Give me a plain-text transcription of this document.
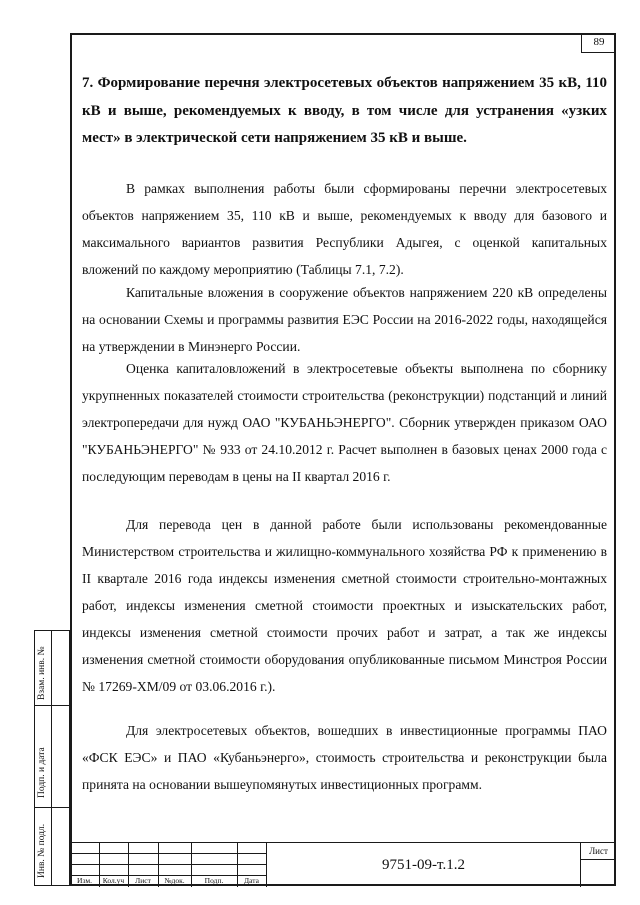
89
7. Формирование перечня электросетевых объектов напряжением 35 кВ, 110 кВ и выше, рекомендуемых к вводу, в том числе для устранения «узких мест» в электрической сети напряжением 35 кВ и выше.
В рамках выполнения работы были сформированы перечни электросетевых объектов напряжением 35, 110 кВ и выше, рекомендуемых к вводу для базового и максимального вариантов развития Республики Адыгея, с оценкой капитальных вложений по каждому мероприятию (Таблицы 7.1, 7.2).
Капитальные вложения в сооружение объектов напряжением 220 кВ определены на основании Схемы и программы развития ЕЭС России на 2016-2022 годы, находящейся на утверждении в Минэнерго России.
Оценка капиталовложений в электросетевые объекты выполнена по сборнику укрупненных показателей стоимости строительства (реконструкции) подстанций и линий электропередачи для нужд ОАО "КУБАНЬЭНЕРГО". Сборник утвержден приказом ОАО "КУБАНЬЭНЕРГО" № 933 от 24.10.2012 г. Расчет выполнен в базовых ценах 2000 года с последующим переводам в цены на II квартал 2016 г.
Для перевода цен в данной работе были использованы рекомендованные Министерством строительства и жилищно-коммунального хозяйства РФ к применению в II квартале 2016 года индексы изменения сметной стоимости строительно-монтажных работ, индексы изменения сметной стоимости проектных и изыскательских работ, индексы изменения сметной стоимости прочих работ и затрат, а так же индексы изменения сметной стоимости оборудования опубликованные письмом Минстроя России № 17269-ХМ/09 от 03.06.2016 г.).
Для электросетевых объектов, вошедших в инвестиционные программы ПАО «ФСК ЕЭС» и ПАО «Кубаньэнерго», стоимость строительства и реконструкции была принята на основании вышеупомянутых инвестиционных программ.
Изм.	Кол.уч	Лист	№док.	Подп.	Дата
9751-09-т.1.2
Лист
Взам. инв. №
Подп. и дата
Инв. № подл.
